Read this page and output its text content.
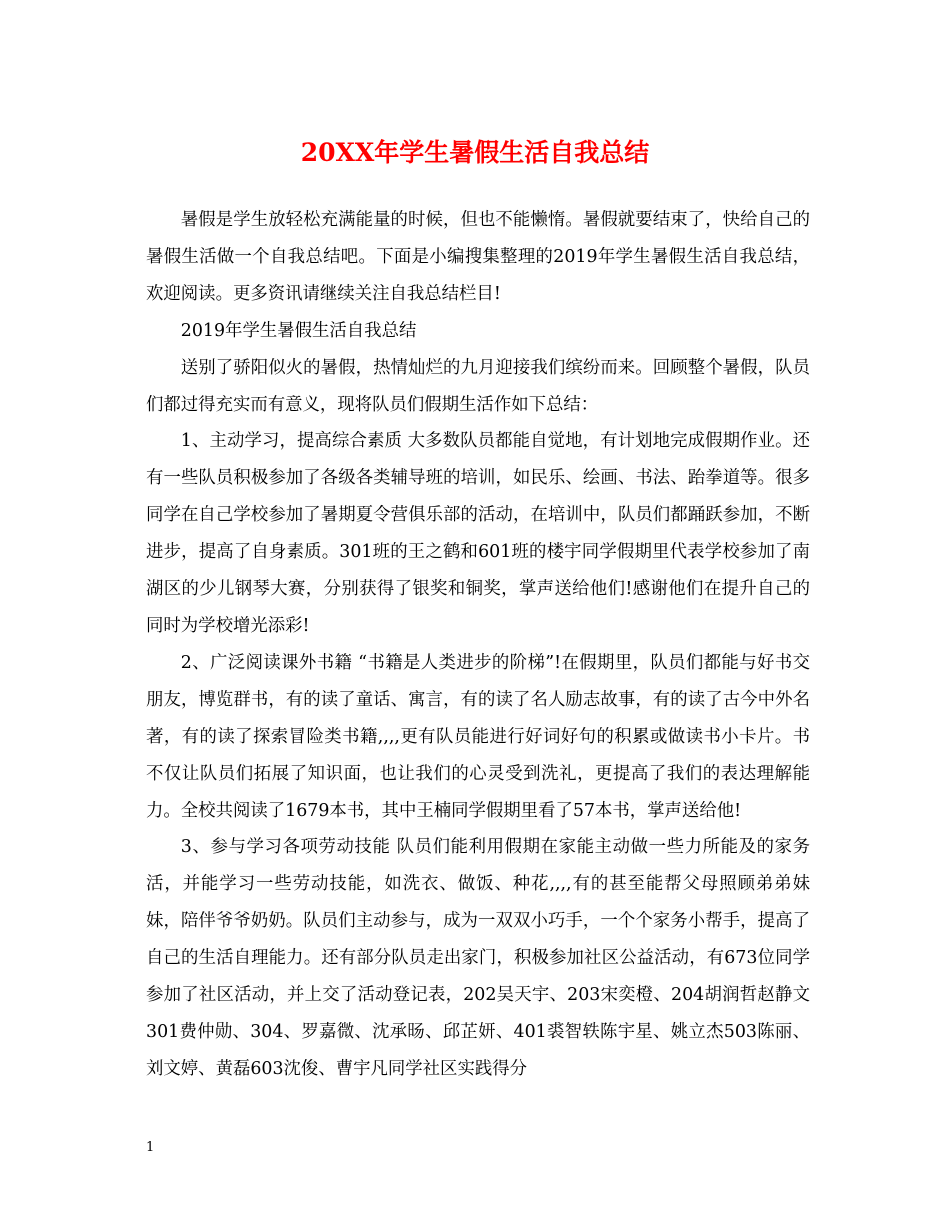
20XX年学生暑假生活自我总结

暑假是学生放轻松充满能量的时候，但也不能懒惰。暑假就要结束了，快给自己的暑假生活做一个自我总结吧。下面是小编搜集整理的2019年学生暑假生活自我总结，欢迎阅读。更多资讯请继续关注自我总结栏目!

2019年学生暑假生活自我总结

送别了骄阳似火的暑假，热情灿烂的九月迎接我们缤纷而来。回顾整个暑假，队员们都过得充实而有意义，现将队员们假期生活作如下总结：

1、主动学习，提高综合素质 大多数队员都能自觉地，有计划地完成假期作业。还有一些队员积极参加了各级各类辅导班的培训，如民乐、绘画、书法、跆拳道等。很多同学在自己学校参加了暑期夏令营俱乐部的活动，在培训中，队员们都踊跃参加，不断进步，提高了自身素质。301班的王之鹤和601班的楼宇同学假期里代表学校参加了南湖区的少儿钢琴大赛，分别获得了银奖和铜奖，掌声送给他们!感谢他们在提升自己的同时为学校增光添彩!

2、广泛阅读课外书籍 “书籍是人类进步的阶梯”!在假期里，队员们都能与好书交朋友，博览群书，有的读了童话、寓言，有的读了名人励志故事，有的读了古今中外名著，有的读了探索冒险类书籍,,,,更有队员能进行好词好句的积累或做读书小卡片。书不仅让队员们拓展了知识面，也让我们的心灵受到洗礼，更提高了我们的表达理解能力。全校共阅读了1679本书，其中王楠同学假期里看了57本书，掌声送给他!

3、参与学习各项劳动技能 队员们能利用假期在家能主动做一些力所能及的家务活，并能学习一些劳动技能，如洗衣、做饭、种花,,,,有的甚至能帮父母照顾弟弟妹妹，陪伴爷爷奶奶。队员们主动参与，成为一双双小巧手，一个个家务小帮手，提高了自己的生活自理能力。还有部分队员走出家门，积极参加社区公益活动，有673位同学参加了社区活动，并上交了活动登记表，202吴天宇、203宋奕橙、204胡润哲赵静文301费仲勋、304、罗嘉微、沈承旸、邱芷妍、401裘智轶陈宇星、姚立杰503陈丽、刘文婷、黄磊603沈俊、曹宇凡同学社区实践得分

1
